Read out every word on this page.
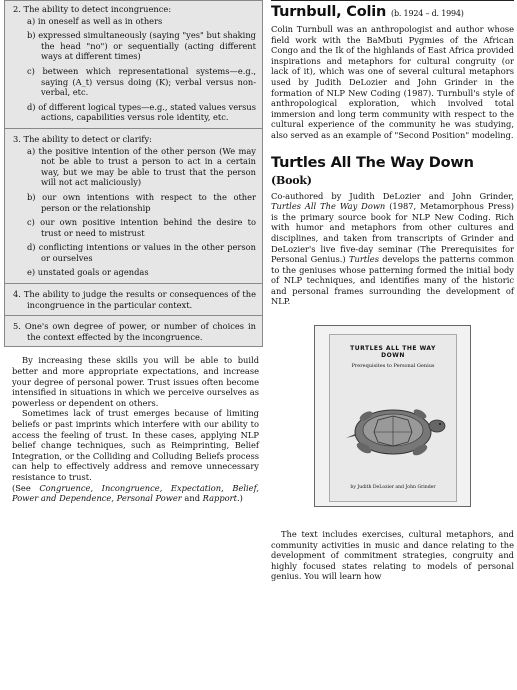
2. The ability to detect incongruence:

a) in oneself as well as in others
b) expressed simultaneously (saying "yes" but shaking the head "no") or sequentially (acting different ways at different times)
c) between which representational systems—e.g., saying (A_t) versus doing (K); verbal versus non-verbal, etc.
d) of different logical types—e.g., stated values versus actions, capabilities versus role identity, etc.

3. The ability to detect or clarify:

a) the positive intention of the other person (We may not be able to trust a person to act in a certain way, but we may be able to trust that the person will not act maliciously)
b) our own intentions with respect to the other person or the relationship
c) our own positive intention behind the desire to trust or need to mistrust
d) conflicting intentions or values in the other person or ourselves
e) unstated goals or agendas

4. The ability to judge the results or consequences of the incongruence in the particular context.

5. One's own degree of power, or number of choices in the context effected by the incongruence.

By increasing these skills you will be able to build better and more appropriate expectations, and increase your degree of personal power. Trust issues often become intensified in situations in which we perceive ourselves as powerless or dependent on others.

Sometimes lack of trust emerges because of limiting beliefs or past imprints which interfere with our ability to access the feeling of trust. In these cases, applying NLP belief change techniques, such as Reimprinting, Belief Integration, or the Colliding and Colluding Beliefs process can help to effectively address and remove unnecessary resistance to trust.

(See Congruence, Incongruence, Expectation, Belief, Power and Dependence, Personal Power and Rapport.)

Turnbull, Colin (b. 1924 – d. 1994)

Colin Turnbull was an anthropologist and author whose field work with the BaMbuti Pygmies of the African Congo and the Ik of the highlands of East Africa provided inspirations and metaphors for cultural congruity (or lack of it), which was one of several cultural metaphors used by Judith DeLozier and John Grinder in the formation of NLP New Coding (1987). Turnbull's style of anthropological exploration, which involved total immersion and long term community with respect to the cultural experience of the community he was studying, also served as an example of "Second Position" modeling.

Turtles All The Way Down (Book)

Co-authored by Judith DeLozier and John Grinder, Turtles All The Way Down (1987, Metamorphous Press) is the primary source book for NLP New Coding. Rich with humor and metaphors from other cultures and disciplines, and taken from transcripts of Grinder and DeLozier's live five-day seminar (The Prerequisites for Personal Genius.) Turtles develops the patterns common to the geniuses whose patterning formed the initial body of NLP techniques, and identifies many of the historic and personal frames surrounding the development of NLP.

TURTLES ALL THE WAY
DOWN
Prerequisites to Personal Genius
by Judith DeLozier and John Grinder

The text includes exercises, cultural metaphors, and community activities in music and dance relating to the development of commitment strategies, congruity and highly focused states relating to models of personal genius. You will learn how
